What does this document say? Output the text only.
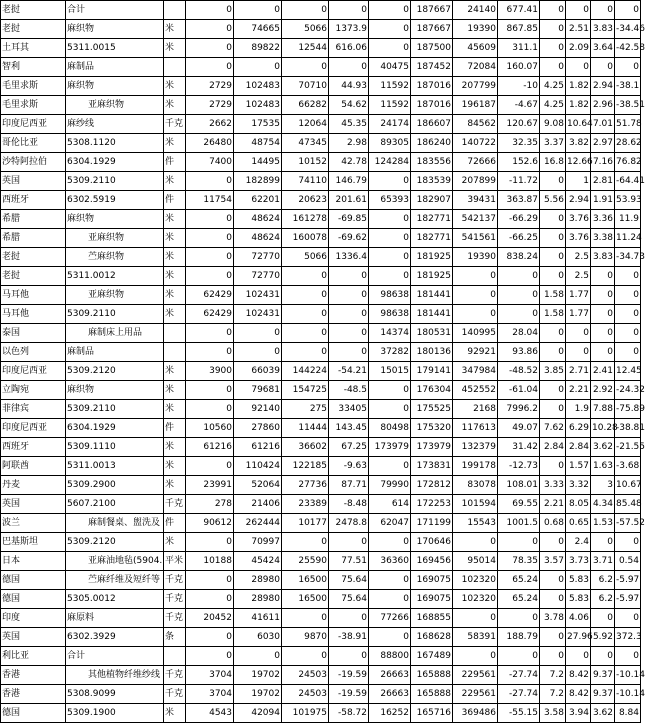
老挝	合计		0	0	0	0	0	187667	24140	677.41	0	0	0	0
老挝	麻织物	米	0	74665	5066	1373.9	0	187667	19390	867.85	0	2.51	3.83	-34.46
土耳其	5311.0015	米	0	89822	12544	616.06	0	187500	45609	311.1	0	2.09	3.64	-42.58
智利	麻制品		0	0	0	0	40475	187452	72084	160.07	0	0	0	0
毛里求斯	麻织物	米	2729	102483	70710	44.93	11592	187016	207799	-10	4.25	1.82	2.94	-38.1
毛里求斯	亚麻织物	米	2729	102483	66282	54.62	11592	187016	196187	-4.67	4.25	1.82	2.96	-38.51
印度尼西亚	麻纱线	千克	2662	17535	12064	45.35	24174	186607	84562	120.67	9.08	10.64	7.01	51.78
哥伦比亚	5308.1120	米	26480	48754	47345	2.98	89305	186240	140722	32.35	3.37	3.82	2.97	28.62
沙特阿拉伯	6304.1929	件	7400	14495	10152	42.78	124284	183556	72666	152.6	16.8	12.66	7.16	76.82
英国	5309.2110	米	0	182899	74110	146.79	0	183539	207899	-11.72	0	1	2.81	-64.41
西班牙	6302.5919	件	11754	62201	20623	201.61	65393	182907	39431	363.87	5.56	2.94	1.91	53.93
希腊	麻织物	米	0	48624	161278	-69.85	0	182771	542137	-66.29	0	3.76	3.36	11.9
希腊	亚麻织物	米	0	48624	160078	-69.62	0	182771	541561	-66.25	0	3.76	3.38	11.24
老挝	苎麻织物	米	0	72770	5066	1336.4	0	181925	19390	838.24	0	2.5	3.83	-34.73
老挝	5311.0012	米	0	72770	0	0	0	181925	0	0	0	2.5	0	0
马耳他	亚麻织物	米	62429	102431	0	0	98638	181441	0	0	1.58	1.77	0	0
马耳他	5309.2110	米	62429	102431	0	0	98638	181441	0	0	1.58	1.77	0	0
泰国	麻制床上用品		0	0	0	0	14374	180531	140995	28.04	0	0	0	0
以色列	麻制品		0	0	0	0	37282	180136	92921	93.86	0	0	0	0
印度尼西亚	5309.2120	米	3900	66039	144224	-54.21	15015	179141	347984	-48.52	3.85	2.71	2.41	12.45
立陶宛	麻织物	米	0	79681	154725	-48.5	0	176304	452552	-61.04	0	2.21	2.92	-24.32
菲律宾	5309.2110	米	0	92140	275	33405	0	175525	2168	7996.2	0	1.9	7.88	-75.89
印度尼西亚	6304.1929	件	10560	27860	11444	143.45	80498	175320	117613	49.07	7.62	6.29	10.28	-38.81
西班牙	5309.1110	米	61216	61216	36602	67.25	173979	173979	132379	31.42	2.84	2.84	3.62	-21.55
阿联酋	5311.0013	米	0	110424	122185	-9.63	0	173831	199178	-12.73	0	1.57	1.63	-3.68
丹麦	5309.2900	米	23991	52064	27736	87.71	79990	172812	83078	108.01	3.33	3.32	3	10.67
英国	5607.2100	千克	278	21406	23389	-8.48	614	172253	101594	69.55	2.21	8.05	4.34	85.48
波兰	麻制餐桌、盥洗及	件	90612	262444	10177	2478.8	62047	171199	15543	1001.5	0.68	0.65	1.53	-57.52
巴基斯坦	5309.2120	米	0	70997	0	0	0	170646	0	0	0	2.4	0	0
日本	亚麻油地毡(5904.	平米	10188	45424	25590	77.51	36360	169456	95014	78.35	3.57	3.73	3.71	0.54
德国	苎麻纤维及短纤等	千克	0	28980	16500	75.64	0	169075	102320	65.24	0	5.83	6.2	-5.97
德国	5305.0012	千克	0	28980	16500	75.64	0	169075	102320	65.24	0	5.83	6.2	-5.97
印度	麻原料	千克	20452	41611	0	0	77266	168855	0	0	3.78	4.06	0	0
英国	6302.3929	条	0	6030	9870	-38.91	0	168628	58391	188.79	0	27.96	5.92	372.3
利比亚	合计		0	0	0	0	88800	167489	0	0	0	0	0	0
香港	其他植物纤维纱线	千克	3704	19702	24503	-19.59	26663	165888	229561	-27.74	7.2	8.42	9.37	-10.14
香港	5308.9099	千克	3704	19702	24503	-19.59	26663	165888	229561	-27.74	7.2	8.42	9.37	-10.14
德国	5309.1900	米	4543	42094	101975	-58.72	16252	165716	369486	-55.15	3.58	3.94	3.62	8.84
